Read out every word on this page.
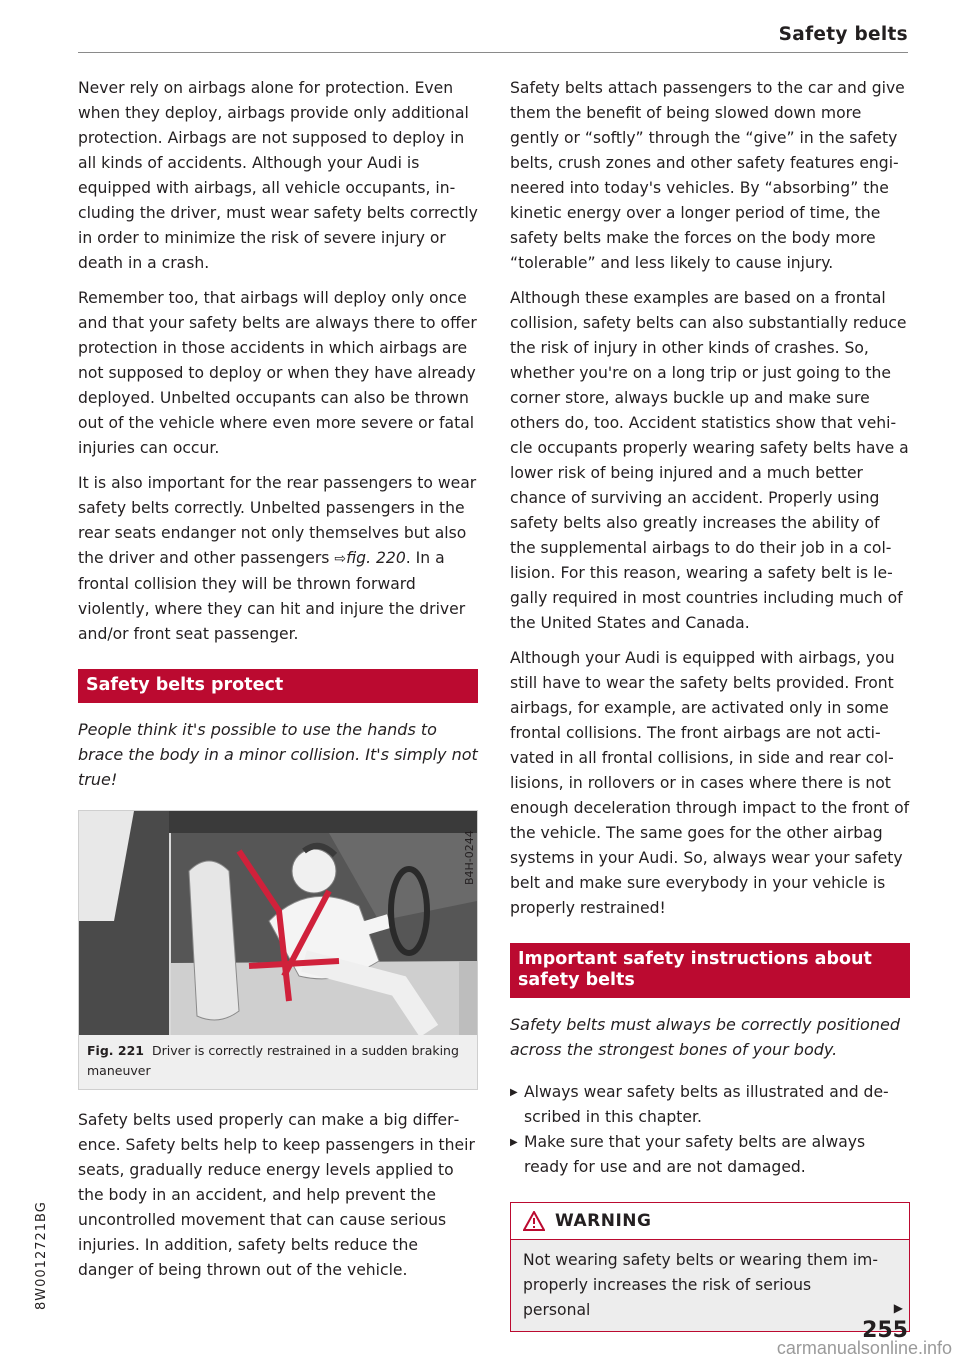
Safety belts

Never rely on airbags alone for protection. Even when they deploy, airbags provide only additional protection. Airbags are not supposed to deploy in all kinds of accidents. Although your Audi is equipped with airbags, all vehicle occupants, including the driver, must wear safety belts correctly in order to minimize the risk of severe injury or death in a crash.

Remember too, that airbags will deploy only once and that your safety belts are always there to offer protection in those accidents in which airbags are not supposed to deploy or when they have already deployed. Unbelted occupants can also be thrown out of the vehicle where even more severe or fatal injuries can occur.

It is also important for the rear passengers to wear safety belts correctly. Unbelted passengers in the rear seats endanger not only themselves but also the driver and other passengers ⇨fig. 220. In a frontal collision they will be thrown forward violently, where they can hit and injure the driver and/or front seat passenger.

Safety belts protect

People think it's possible to use the hands to brace the body in a minor collision. It's simply not true!

B4H-0244
Fig. 221 Driver is correctly restrained in a sudden braking maneuver

Safety belts used properly can make a big difference. Safety belts help to keep passengers in their seats, gradually reduce energy levels applied to the body in an accident, and help prevent the uncontrolled movement that can cause serious injuries. In addition, safety belts reduce the danger of being thrown out of the vehicle.

Safety belts attach passengers to the car and give them the benefit of being slowed down more gently or “softly” through the “give” in the safety belts, crush zones and other safety features engineered into today's vehicles. By “absorbing” the kinetic energy over a longer period of time, the safety belts make the forces on the body more “tolerable” and less likely to cause injury.

Although these examples are based on a frontal collision, safety belts can also substantially reduce the risk of injury in other kinds of crashes. So, whether you're on a long trip or just going to the corner store, always buckle up and make sure others do, too. Accident statistics show that vehicle occupants properly wearing safety belts have a lower risk of being injured and a much better chance of surviving an accident. Properly using safety belts also greatly increases the ability of the supplemental airbags to do their job in a collision. For this reason, wearing a safety belt is legally required in most countries including much of the United States and Canada.

Although your Audi is equipped with airbags, you still have to wear the safety belts provided. Front airbags, for example, are activated only in some frontal collisions. The front airbags are not activated in all frontal collisions, in side and rear collisions, in rollovers or in cases where there is not enough deceleration through impact to the front of the vehicle. The same goes for the other airbag systems in your Audi. So, always wear your safety belt and make sure everybody in your vehicle is properly restrained!

Important safety instructions about safety belts

Safety belts must always be correctly positioned across the strongest bones of your body.

▶ Always wear safety belts as illustrated and described in this chapter.
▶ Make sure that your safety belts are always ready for use and are not damaged.
WARNING
Not wearing safety belts or wearing them improperly increases the risk of serious personal	▶
8W0012721BG
255
carmanualsonline.info
